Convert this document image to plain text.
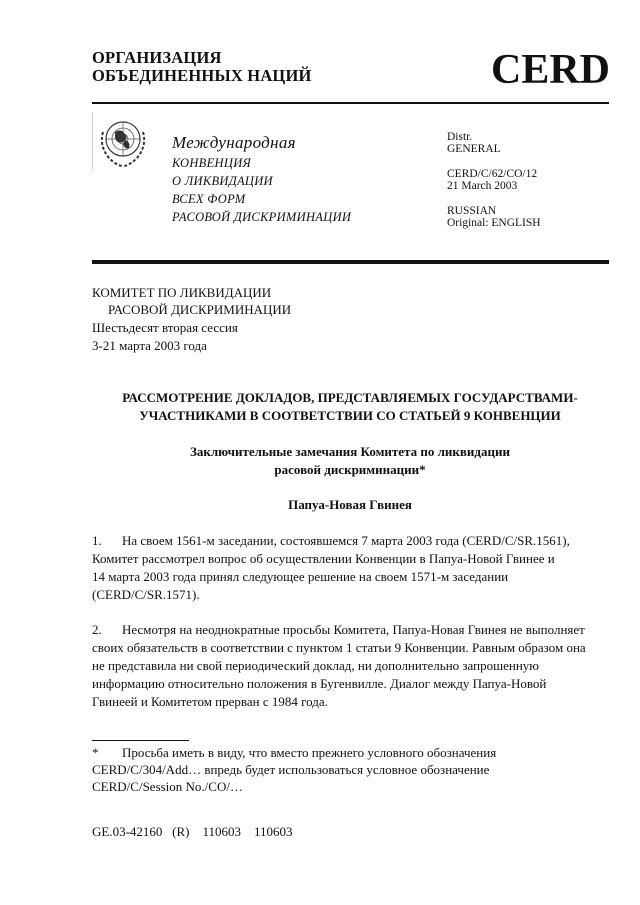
ОРГАНИЗАЦИЯ
ОБЪЕДИНЕННЫХ НАЦИЙ	CERD
Международная
КОНВЕНЦИЯ
О ЛИКВИДАЦИИ
ВСЕХ ФОРМ
РАСОВОЙ ДИСКРИМИНАЦИИ
Distr.
GENERAL
CERD/C/62/CO/12
21 March 2003
RUSSIAN
Original: ENGLISH
КОМИТЕТ ПО ЛИКВИДАЦИИ
РАСОВОЙ ДИСКРИМИНАЦИИ
Шестьдесят вторая сессия
3-21 марта 2003 года
РАССМОТРЕНИЕ ДОКЛАДОВ, ПРЕДСТАВЛЯЕМЫХ ГОСУДАРСТВАМИ-
УЧАСТНИКАМИ В СООТВЕТСТВИИ СО СТАТЬЕЙ 9 КОНВЕНЦИИ
Заключительные замечания Комитета по ликвидации
расовой дискриминации*
Папуа-Новая Гвинея
1. На своем 1561-м заседании, состоявшемся 7 марта 2003 года (CERD/C/SR.1561),
Комитет рассмотрел вопрос об осуществлении Конвенции в Папуа-Новой Гвинее и
14 марта 2003 года принял следующее решение на своем 1571-м заседании
(CERD/C/SR.1571).
2. Несмотря на неоднократные просьбы Комитета, Папуа-Новая Гвинея не выполняет
своих обязательств в соответствии с пунктом 1 статьи 9 Конвенции. Равным образом она
не представила ни свой периодический доклад, ни дополнительно запрошенную
информацию относительно положения в Бугенвилле. Диалог между Папуа-Новой
Гвинеей и Комитетом прерван с 1984 года.
* Просьба иметь в виду, что вместо прежнего условного обозначения
CERD/C/304/Add… впредь будет использоваться условное обозначение
CERD/C/Session No./CO/…
GE.03-42160   (R)    110603    110603
